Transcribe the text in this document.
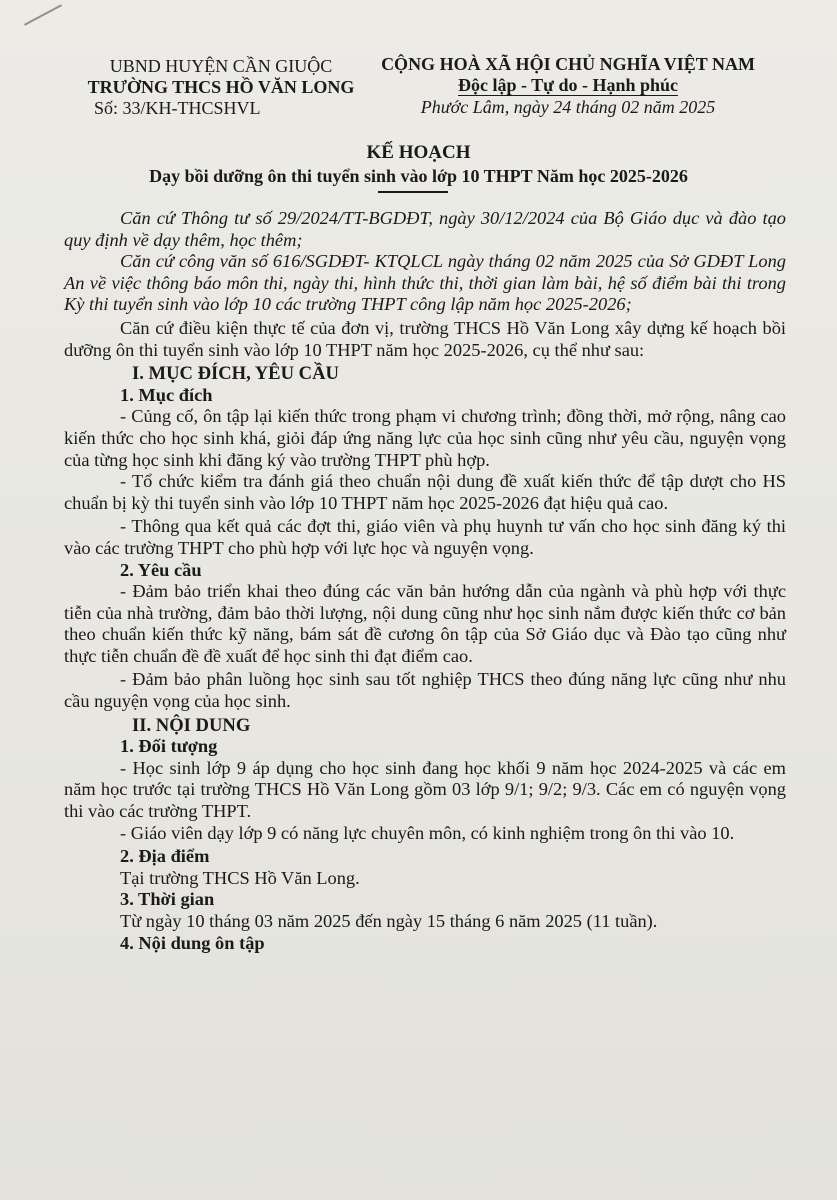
UBND HUYỆN CẦN GIUỘC
TRƯỜNG THCS HỒ VĂN LONG
Số: 33/KH-THCSHVL
CỘNG HOÀ XÃ HỘI CHỦ NGHĨA VIỆT NAM
Độc lập - Tự do - Hạnh phúc
Phước Lâm, ngày 24 tháng 02 năm 2025
KẾ HOẠCH
Dạy bồi dưỡng ôn thi tuyển sinh vào lớp 10 THPT Năm học 2025-2026

Căn cứ Thông tư số 29/2024/TT-BGDĐT, ngày 30/12/2024 của Bộ Giáo dục và đào tạo quy định về dạy thêm, học thêm;

Căn cứ công văn số 616/SGDĐT- KTQLCL ngày tháng 02 năm 2025 của Sở GDĐT Long An về việc thông báo môn thi, ngày thi, hình thức thi, thời gian làm bài, hệ số điểm bài thi trong Kỳ thi tuyển sinh vào lớp 10 các trường THPT công lập năm học 2025-2026;

Căn cứ điều kiện thực tế của đơn vị, trường THCS Hồ Văn Long xây dựng kế hoạch bồi dưỡng ôn thi tuyển sinh vào lớp 10 THPT năm học 2025-2026, cụ thể như sau:

I. MỤC ĐÍCH, YÊU CẦU
1. Mục đích

- Củng cố, ôn tập lại kiến thức trong phạm vi chương trình; đồng thời, mở rộng, nâng cao kiến thức cho học sinh khá, giỏi đáp ứng năng lực của học sinh cũng như yêu cầu, nguyện vọng của từng học sinh khi đăng ký vào trường THPT phù hợp.

- Tổ chức kiểm tra đánh giá theo chuẩn nội dung đề xuất kiến thức để tập dượt cho HS chuẩn bị kỳ thi tuyển sinh vào lớp 10 THPT năm học 2025-2026 đạt hiệu quả cao.

- Thông qua kết quả các đợt thi, giáo viên và phụ huynh tư vấn cho học sinh đăng ký thi vào các trường THPT cho phù hợp với lực học và nguyện vọng.

2. Yêu cầu

- Đảm bảo triển khai theo đúng các văn bản hướng dẫn của ngành và phù hợp với thực tiễn của nhà trường, đảm bảo thời lượng, nội dung cũng như học sinh nắm được kiến thức cơ bản theo chuẩn kiến thức kỹ năng, bám sát đề cương ôn tập của Sở Giáo dục và Đào tạo cũng như thực tiễn chuẩn đề đề xuất để học sinh thi đạt điểm cao.

- Đảm bảo phân luồng học sinh sau tốt nghiệp THCS theo đúng năng lực cũng như nhu cầu nguyện vọng của học sinh.

II. NỘI DUNG
1. Đối tượng

- Học sinh lớp 9 áp dụng cho học sinh đang học khối 9 năm học 2024-2025 và các em năm học trước tại trường THCS Hồ Văn Long gồm 03 lớp 9/1; 9/2; 9/3. Các em có nguyện vọng thi vào các trường THPT.

- Giáo viên dạy lớp 9 có năng lực chuyên môn, có kinh nghiệm trong ôn thi vào 10.

2. Địa điểm
Tại trường THCS Hồ Văn Long.
3. Thời gian
Từ ngày 10 tháng 03 năm 2025 đến ngày 15 tháng 6 năm 2025 (11 tuần).
4. Nội dung ôn tập
